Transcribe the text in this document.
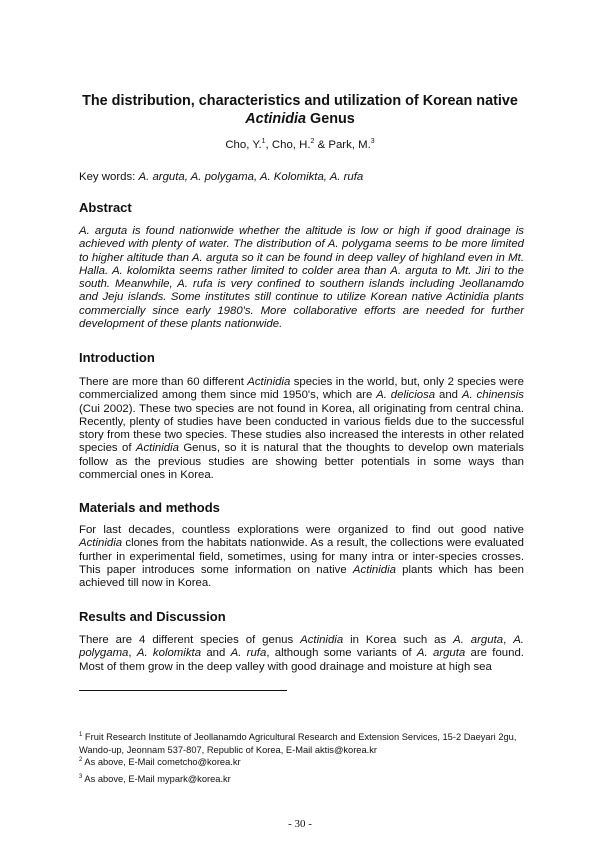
The distribution, characteristics and utilization of Korean native
Actinidia Genus

Cho, Y.$^1$, Cho, H.$^2$ & Park, M.$^3$

Key words: A. arguta, A. polygama, A. Kolomikta, A. rufa

Abstract

A. arguta is found nationwide whether the altitude is low or high if good drainage is achieved with plenty of water. The distribution of A. polygama seems to be more limited to higher altitude than A. arguta so it can be found in deep valley of highland even in Mt. Halla. A. kolomikta seems rather limited to colder area than A. arguta to Mt. Jiri to the south. Meanwhile, A. rufa is very confined to southern islands including Jeollanamdo and Jeju islands. Some institutes still continue to utilize Korean native Actinidia plants commercially since early 1980's. More collaborative efforts are needed for further development of these plants nationwide.

Introduction

There are more than 60 different Actinidia species in the world, but, only 2 species were commercialized among them since mid 1950's, which are A. deliciosa and A. chinensis (Cui 2002). These two species are not found in Korea, all originating from central china. Recently, plenty of studies have been conducted in various fields due to the successful story from these two species. These studies also increased the interests in other related species of Actinidia Genus, so it is natural that the thoughts to develop own materials follow as the previous studies are showing better potentials in some ways than commercial ones in Korea.

Materials and methods

For last decades, countless explorations were organized to find out good native Actinidia clones from the habitats nationwide. As a result, the collections were evaluated further in experimental field, sometimes, using for many intra or inter-species crosses. This paper introduces some information on native Actinidia plants which has been achieved till now in Korea.

Results and Discussion

There are 4 different species of genus Actinidia in Korea such as A. arguta, A. polygama, A. kolomikta and A. rufa, although some variants of A. arguta are found. Most of them grow in the deep valley with good drainage and moisture at high sea

$^1$ Fruit Research Institute of Jeollanamdo Agricultural Research and Extension Services, 15-2 Daeyari 2gu, Wando-up, Jeonnam 537-807, Republic of Korea, E-Mail aktis@korea.kr

$^2$ As above, E-Mail cometcho@korea.kr

$^3$ As above, E-Mail mypark@korea.kr

- 30 -
